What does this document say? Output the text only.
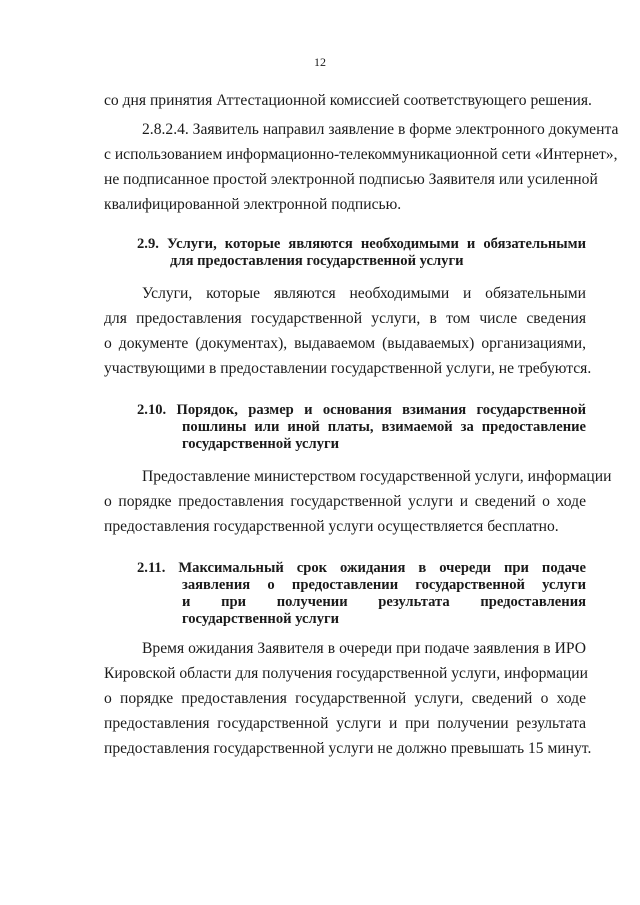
12
со дня принятия Аттестационной комиссией соответствующего решения.
2.8.2.4. Заявитель направил заявление в форме электронного документа
с использованием информационно-телекоммуникационной сети «Интернет»,
не подписанное простой электронной подписью Заявителя или усиленной
квалифицированной электронной подписью.
2.9. Услуги, которые являются необходимыми и обязательными
для предоставления государственной услуги
Услуги, которые являются необходимыми и обязательными
для предоставления государственной услуги, в том числе сведения
о документе (документах), выдаваемом (выдаваемых) организациями,
участвующими в предоставлении государственной услуги, не требуются.
2.10. Порядок, размер и основания взимания государственной
пошлины или иной платы, взимаемой за предоставление
государственной услуги
Предоставление министерством государственной услуги, информации
о порядке предоставления государственной услуги и сведений о ходе
предоставления государственной услуги осуществляется бесплатно.
2.11. Максимальный срок ожидания в очереди при подаче
заявления о предоставлении государственной услуги
и при получении результата предоставления
государственной услуги
Время ожидания Заявителя в очереди при подаче заявления в ИРО
Кировской области для получения государственной услуги, информации
о порядке предоставления государственной услуги, сведений о ходе
предоставления государственной услуги и при получении результата
предоставления государственной услуги не должно превышать 15 минут.
